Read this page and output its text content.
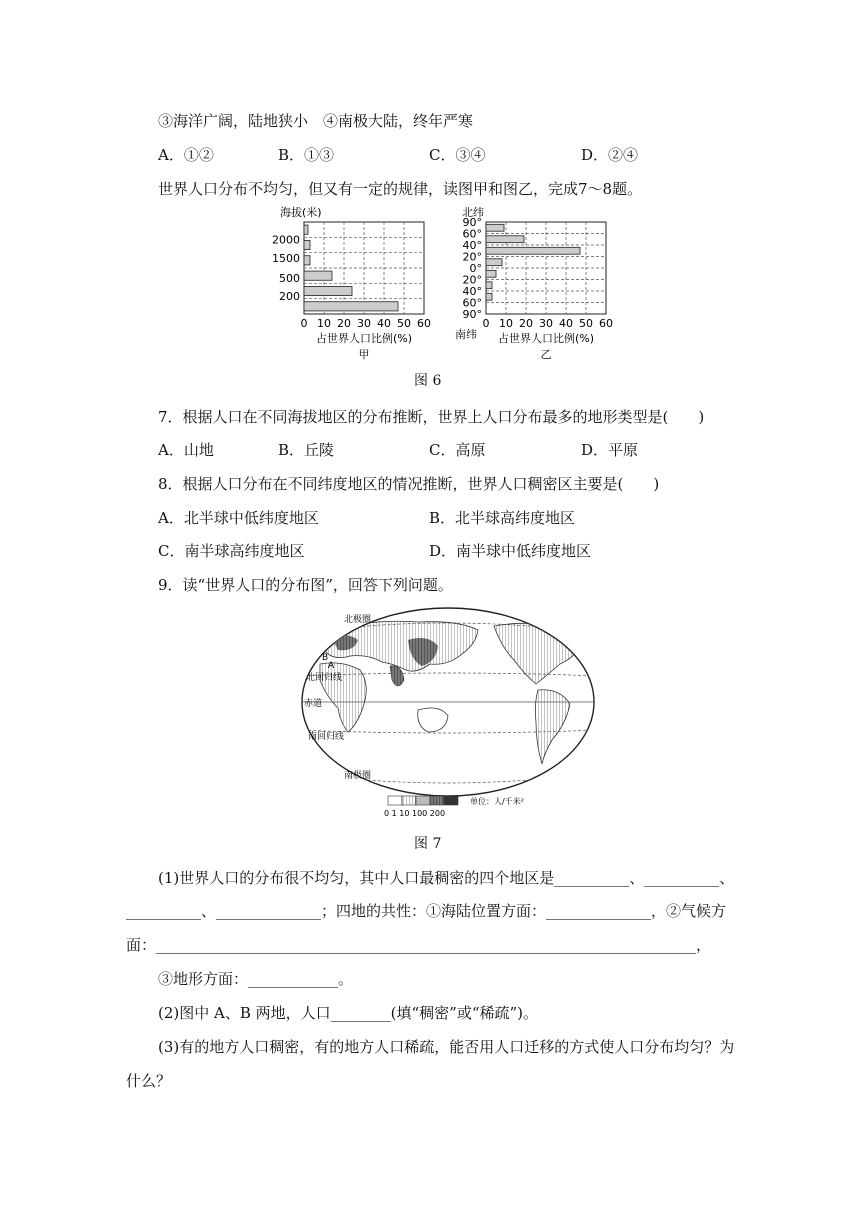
③海洋广阔，陆地狭小　④南极大陆，终年严寒
A．①②	B．①③	C．③④	D．②④
世界人口分布不均匀，但又有一定的规律，读图甲和图乙，完成7～8题。
0 10 20 30 40 50 60
2000
1500
500
200
海拔(米)
占世界人口比例(%)
甲
0 10 20 30 40 50 60
90°
60°
40°
20°
0°
20°
40°
60°
90°
北纬
南纬 占世界人口比例(%)
乙
图 6
7．根据人口在不同海拔地区的分布推断，世界上人口分布最多的地形类型是(　　)
A．山地	B．丘陵	C．高原	D．平原
8．根据人口分布在不同纬度地区的情况推断，世界人口稠密区主要是(　　)
A．北半球中低纬度地区	B．北半球高纬度地区
C．南半球高纬度地区	D．南半球中低纬度地区
9．读“世界人口的分布图”，回答下列问题。
北极圈
北回归线
赤道
南回归线
南极圈
A
B
0 1 10 100 200
单位：人/千米²
图 7
(1)世界人口的分布很不均匀，其中人口最稠密的四个地区是__________、__________、
__________、______________；四地的共性：①海陆位置方面：______________，②气候方
面：________________________________________________________________________，
③地形方面：____________。
(2)图中 A、B 两地，人口________(填“稠密”或“稀疏”)。
(3)有的地方人口稠密，有的地方人口稀疏，能否用人口迁移的方式使人口分布均匀？为
什么？
